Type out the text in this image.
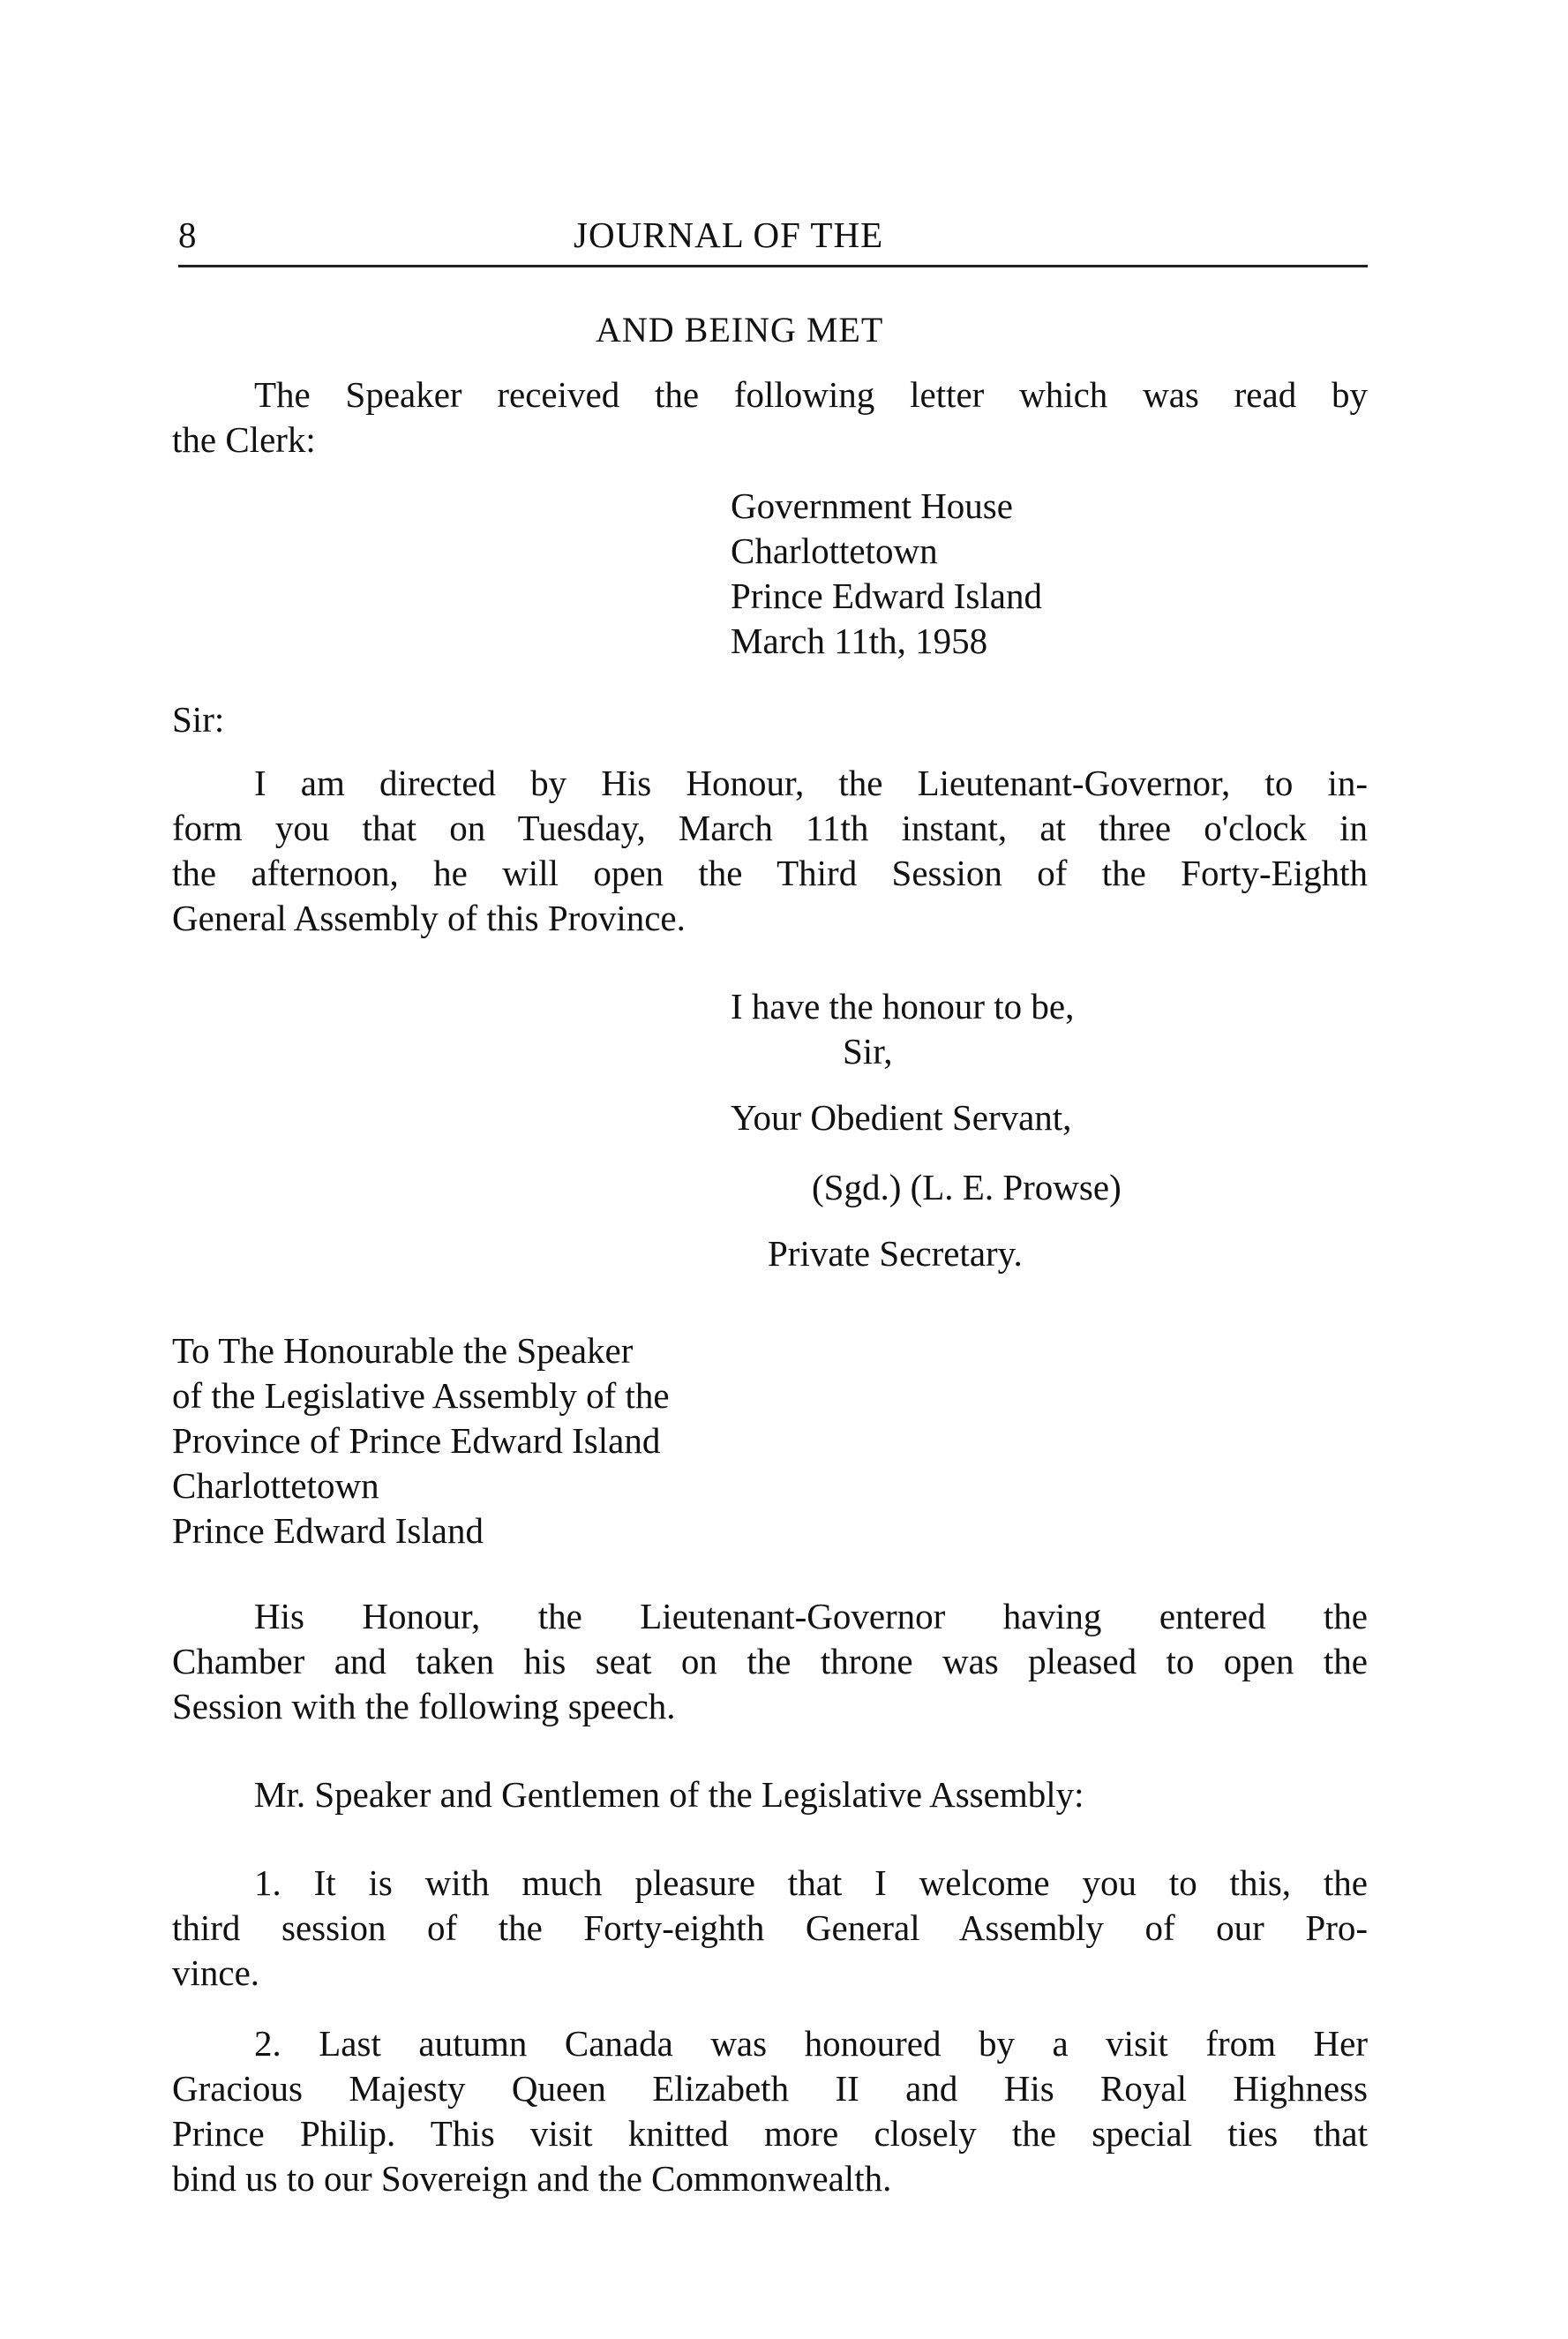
8	JOURNAL OF THE
AND BEING MET
The Speaker received the following letter which was read by
the Clerk:
Government House
Charlottetown
Prince Edward Island
March 11th, 1958
Sir:
I am directed by His Honour, the Lieutenant-Governor, to in-
form you that on Tuesday, March 11th instant, at three o'clock in
the afternoon, he will open the Third Session of the Forty-Eighth
General Assembly of this Province.
I have the honour to be,
Sir,
Your Obedient Servant,
(Sgd.) (L. E. Prowse)
Private Secretary.
To The Honourable the Speaker
of the Legislative Assembly of the
Province of Prince Edward Island
Charlottetown
Prince Edward Island
His Honour, the Lieutenant-Governor having entered the
Chamber and taken his seat on the throne was pleased to open the
Session with the following speech.
Mr. Speaker and Gentlemen of the Legislative Assembly:
1. It is with much pleasure that I welcome you to this, the
third session of the Forty-eighth General Assembly of our Pro-
vince.
2. Last autumn Canada was honoured by a visit from Her
Gracious Majesty Queen Elizabeth II and His Royal Highness
Prince Philip. This visit knitted more closely the special ties that
bind us to our Sovereign and the Commonwealth.
